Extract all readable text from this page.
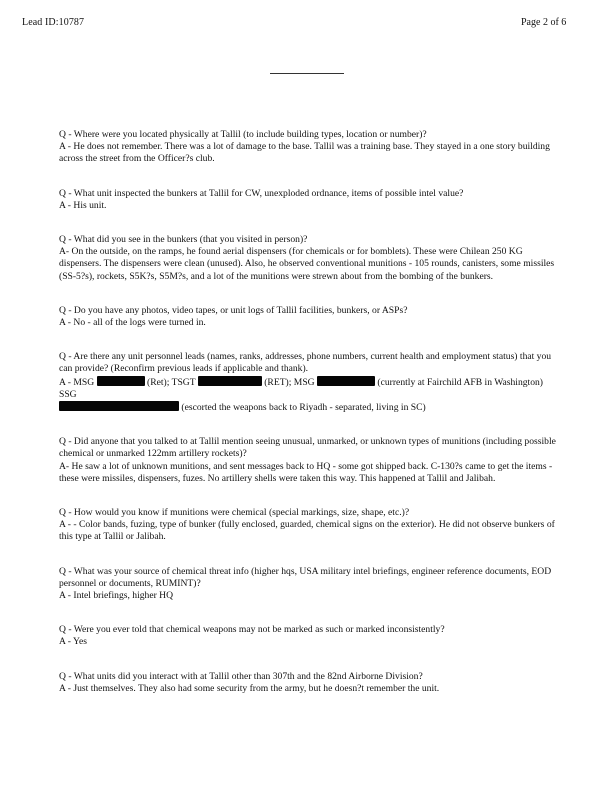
Lead ID:10787	Page 2 of 6

Q - Where were you located physically at Tallil (to include building types, location or number)?

A - He does not remember. There was a lot of damage to the base. Tallil was a training base. They stayed in a one story building across the street from the Officer?s club.

Q - What unit inspected the bunkers at Tallil for CW, unexploded ordnance, items of possible intel value?

A - His unit.

Q - What did you see in the bunkers (that you visited in person)?

A- On the outside, on the ramps, he found aerial dispensers (for chemicals or for bomblets). These were Chilean 250 KG dispensers. The dispensers were clean (unused). Also, he observed conventional munitions - 105 rounds, canisters, some missiles (SS-5?s), rockets, S5K?s, S5M?s, and a lot of the munitions were strewn about from the bombing of the bunkers.

Q - Do you have any photos, video tapes, or unit logs of Tallil facilities, bunkers, or ASPs?

A - No - all of the logs were turned in.

Q - Are there any unit personnel leads (names, ranks, addresses, phone numbers, current health and employment status) that you can provide? (Reconfirm previous leads if applicable and thank).

A - MSG	(Ret); TSGT	(RET); MSG	(currently at Fairchild AFB in Washington) SSG
(escorted the weapons back to Riyadh - separated, living in SC)

Q - Did anyone that you talked to at Tallil mention seeing unusual, unmarked, or unknown types of munitions (including possible chemical or unmarked 122mm artillery rockets)?

A- He saw a lot of unknown munitions, and sent messages back to HQ - some got shipped back. C-130?s came to get the items - these were missiles, dispensers, fuzes. No artillery shells were taken this way. This happened at Tallil and Jalibah.

Q - How would you know if munitions were chemical (special markings, size, shape, etc.)?

A - - Color bands, fuzing, type of bunker (fully enclosed, guarded, chemical signs on the exterior). He did not observe bunkers of this type at Tallil or Jalibah.

Q - What was your source of chemical threat info (higher hqs, USA military intel briefings, engineer reference documents, EOD personnel or documents, RUMINT)?

A - Intel briefings, higher HQ

Q - Were you ever told that chemical weapons may not be marked as such or marked inconsistently?

A - Yes

Q - What units did you interact with at Tallil other than 307th and the 82nd Airborne Division?

A - Just themselves. They also had some security from the army, but he doesn?t remember the unit.
